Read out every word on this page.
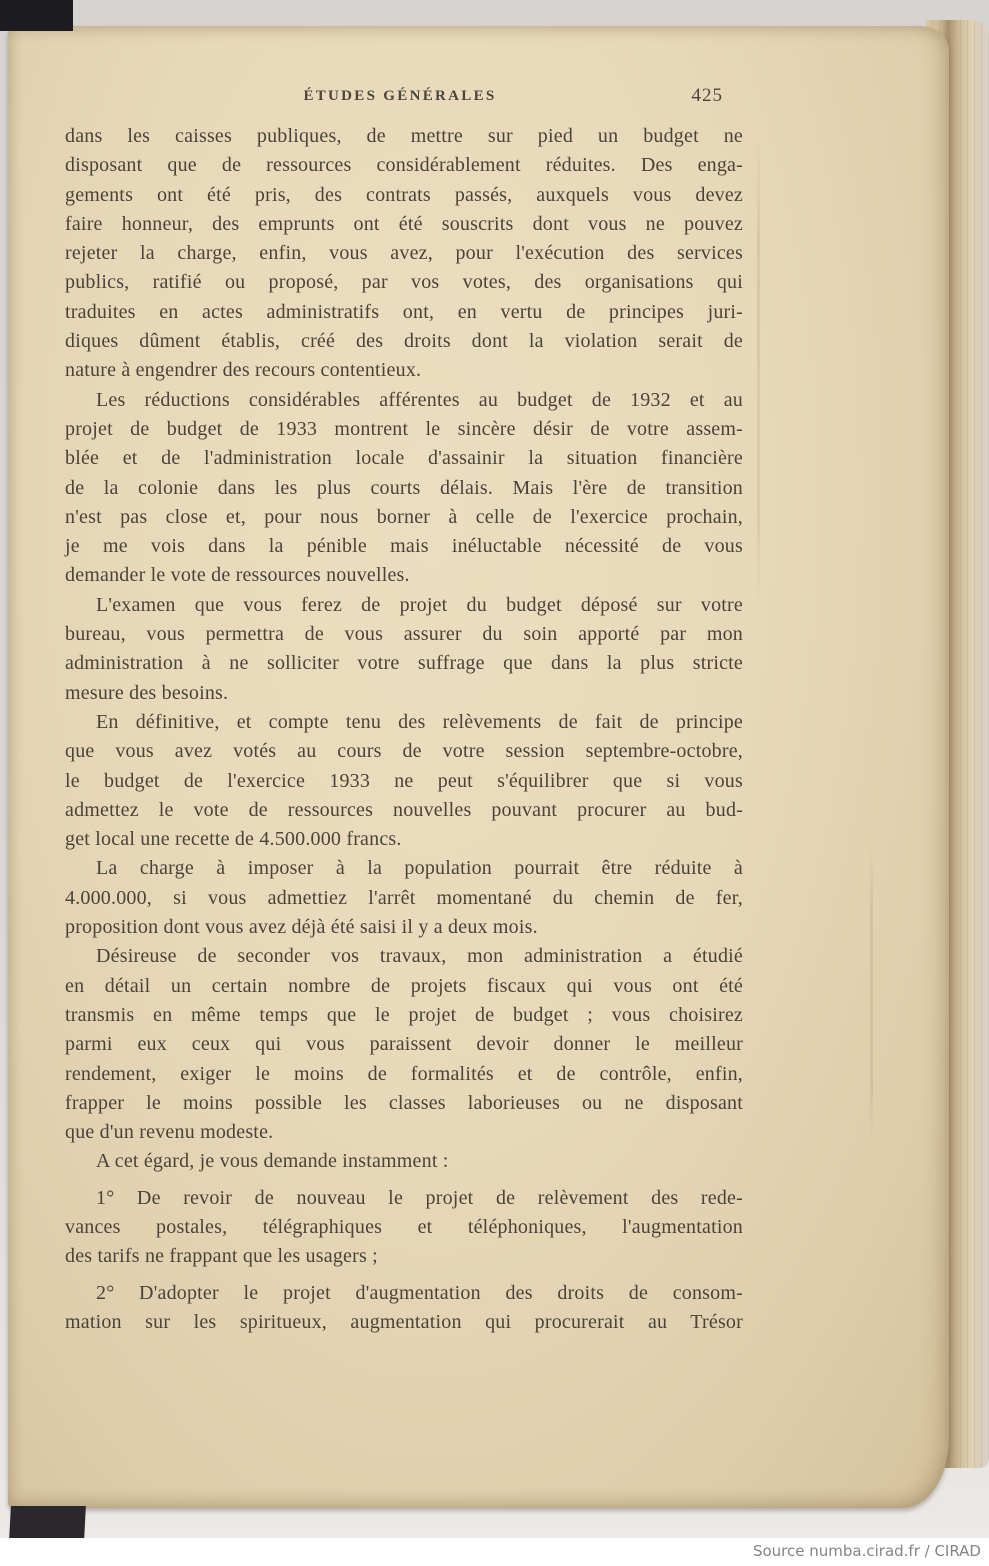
ÉTUDES GÉNÉRALES	425

dans les caisses publiques, de mettre sur pied un budget ne
disposant que de ressources considérablement réduites. Des enga-
gements ont été pris, des contrats passés, auxquels vous devez
faire honneur, des emprunts ont été souscrits dont vous ne pouvez
rejeter la charge, enfin, vous avez, pour l'exécution des services
publics, ratifié ou proposé, par vos votes, des organisations qui
traduites en actes administratifs ont, en vertu de principes juri-
diques dûment établis, créé des droits dont la violation serait de
nature à engendrer des recours contentieux.

Les réductions considérables afférentes au budget de 1932 et au
projet de budget de 1933 montrent le sincère désir de votre assem-
blée et de l'administration locale d'assainir la situation financière
de la colonie dans les plus courts délais. Mais l'ère de transition
n'est pas close et, pour nous borner à celle de l'exercice prochain,
je me vois dans la pénible mais inéluctable nécessité de vous
demander le vote de ressources nouvelles.

L'examen que vous ferez de projet du budget déposé sur votre
bureau, vous permettra de vous assurer du soin apporté par mon
administration à ne solliciter votre suffrage que dans la plus stricte
mesure des besoins.

En définitive, et compte tenu des relèvements de fait de principe
que vous avez votés au cours de votre session septembre-octobre,
le budget de l'exercice 1933 ne peut s'équilibrer que si vous
admettez le vote de ressources nouvelles pouvant procurer au bud-
get local une recette de 4.500.000 francs.

La charge à imposer à la population pourrait être réduite à
4.000.000, si vous admettiez l'arrêt momentané du chemin de fer,
proposition dont vous avez déjà été saisi il y a deux mois.

Désireuse de seconder vos travaux, mon administration a étudié
en détail un certain nombre de projets fiscaux qui vous ont été
transmis en même temps que le projet de budget ; vous choisirez
parmi eux ceux qui vous paraissent devoir donner le meilleur
rendement, exiger le moins de formalités et de contrôle, enfin,
frapper le moins possible les classes laborieuses ou ne disposant
que d'un revenu modeste.

A cet égard, je vous demande instamment :

1° De revoir de nouveau le projet de relèvement des rede-
vances postales, télégraphiques et téléphoniques, l'augmentation
des tarifs ne frappant que les usagers ;

2° D'adopter le projet d'augmentation des droits de consom-
mation sur les spiritueux, augmentation qui procurerait au Trésor

Source numba.cirad.fr / CIRAD
